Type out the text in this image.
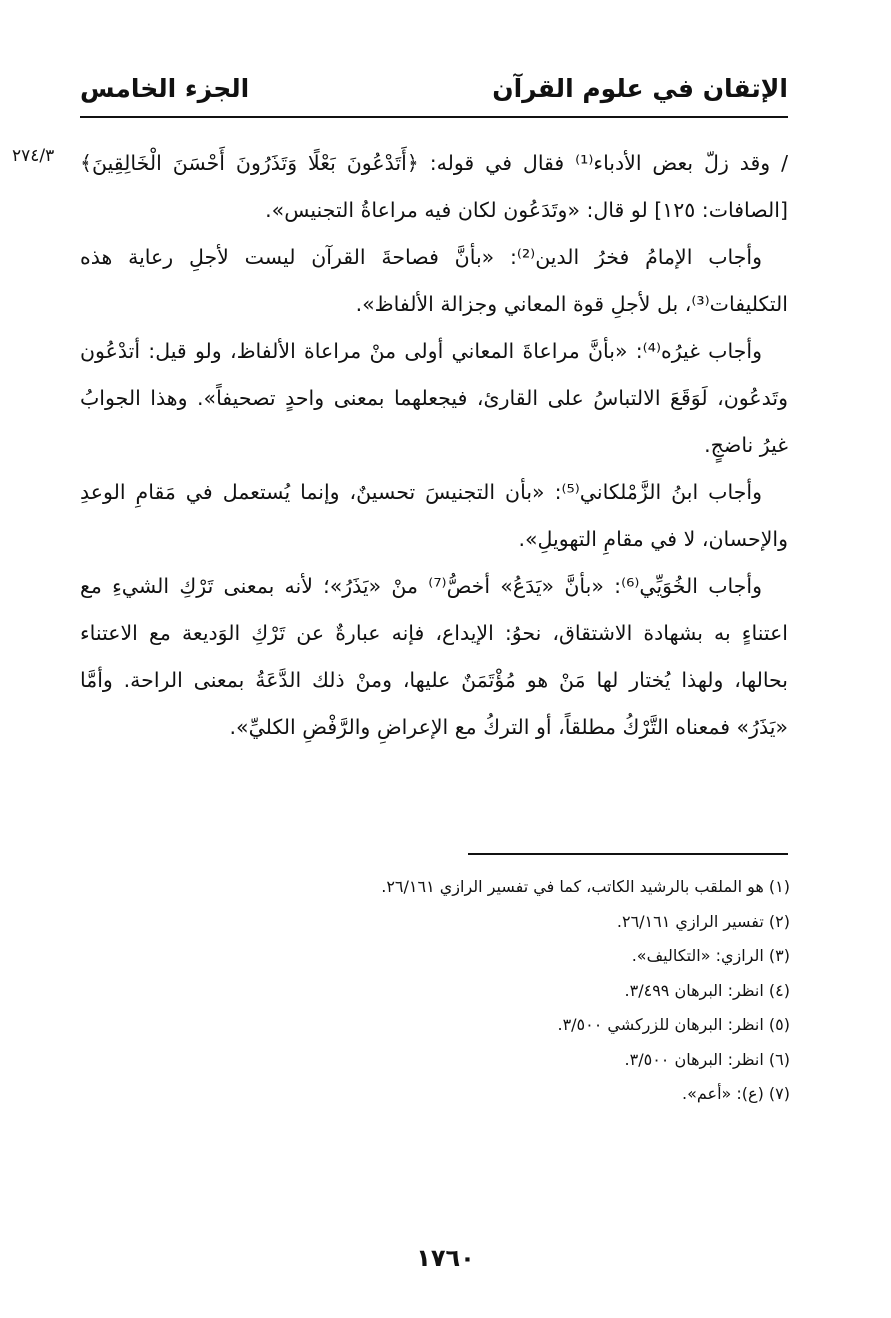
الإتقان في علوم القرآن
الجزء الخامس
٢٧٤/٣ / وقد زلّ بعض الأدباء⁽¹⁾ فقال في قوله: ﴿أَتَدْعُونَ بَعْلًا وَتَذَرُونَ أَحْسَنَ الْخَالِقِينَ﴾ [الصافات: ١٢٥] لو قال: «وتَدَعُون لكان فيه مراعاةُ التجنيس».

وأجاب الإمامُ فخرُ الدين⁽²⁾: «بأنَّ فصاحةَ القرآن ليست لأجلِ رعاية هذه التكليفات⁽³⁾، بل لأجلِ قوة المعاني وجزالة الألفاظ».

وأجاب غيرُه⁽⁴⁾: «بأنَّ مراعاةَ المعاني أولى منْ مراعاة الألفاظ، ولو قيل: أتدْعُون وتَدعُون، لَوَقَعَ الالتباسُ على القارئ، فيجعلهما بمعنى واحدٍ تصحيفاً». وهذا الجوابُ غيرُ ناضجٍ.

وأجاب ابنُ الزَّمْلكاني⁽⁵⁾: «بأن التجنيسَ تحسينٌ، وإنما يُستعمل في مَقامِ الوعدِ والإحسان، لا في مقامِ التهويلِ».

وأجاب الخُوَيِّي⁽⁶⁾: «بأنَّ «يَدَعُ» أخصُّ⁽⁷⁾ منْ «يَذَرُ»؛ لأنه بمعنى تَرْكِ الشيءِ مع اعتناءٍ به بشهادة الاشتقاق، نحوُ: الإيداع، فإنه عبارةٌ عن تَرْكِ الوَديعة مع الاعتناء بحالها، ولهذا يُختار لها مَنْ هو مُؤْتَمَنٌ عليها، ومنْ ذلك الدَّعَةُ بمعنى الراحة. وأمَّا «يَذَرُ» فمعناه التَّرْكُ مطلقاً، أو التركُ مع الإعراضِ والرَّفْضِ الكليِّ».

(١) هو الملقب بالرشيد الكاتب، كما في تفسير الرازي ٢٦/١٦١.

(٢) تفسير الرازي ٢٦/١٦١.

(٣) الرازي: «التكاليف».

(٤) انظر: البرهان ٣/٤٩٩.

(٥) انظر: البرهان للزركشي ٣/٥٠٠.

(٦) انظر: البرهان ٣/٥٠٠.

(٧) (ع): «أعم».

١٧٦٠
